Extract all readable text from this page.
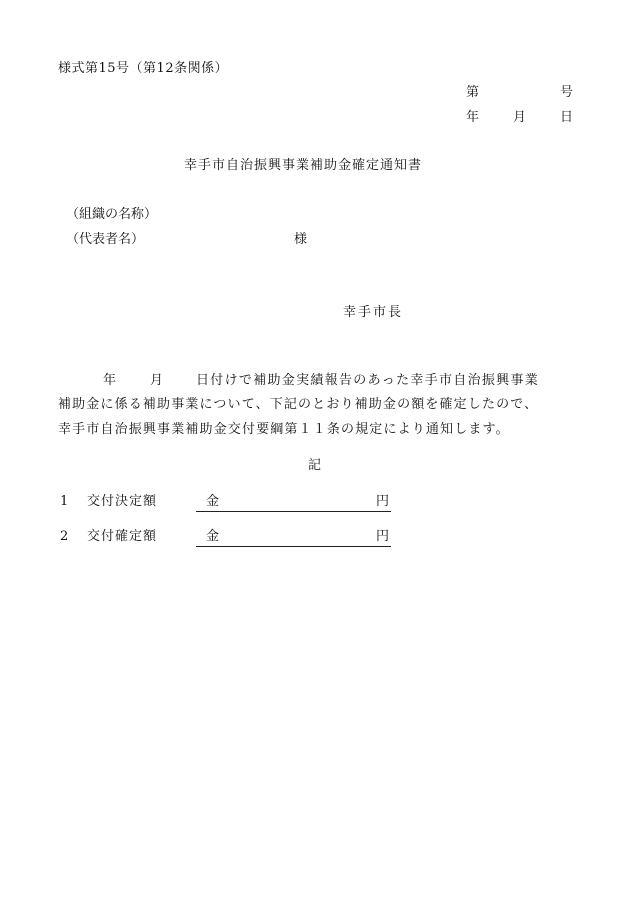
様式第15号（第12条関係）
第	号
年	月	日
幸手市自治振興事業補助金確定通知書
（組織の名称）
（代表者名）	様
幸手市長
年	月 日付けで補助金実績報告のあった幸手市自治振興事業
補助金に係る補助事業について、下記のとおり補助金の額を確定したので、
幸手市自治振興事業補助金交付要綱第１１条の規定により通知します。
記
1 交付決定額	金	円
2 交付確定額	金	円
